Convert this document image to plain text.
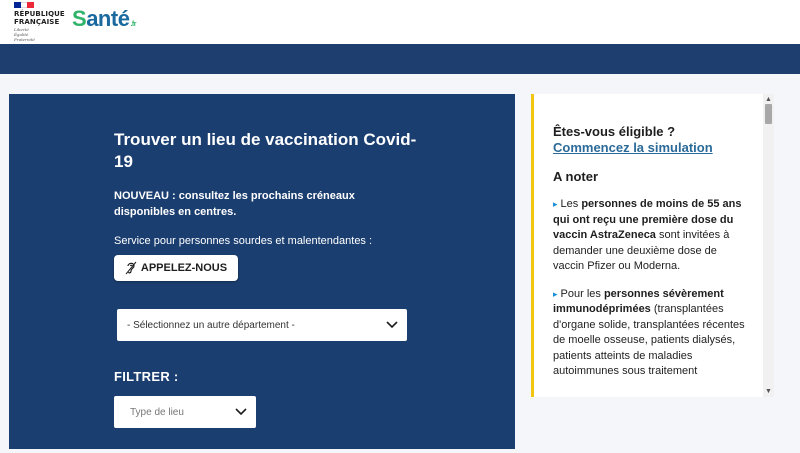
RÉPUBLIQUE
FRANÇAISE
Liberté
Égalité
Fraternité
Santé.fr
Trouver un lieu de vaccination Covid-19
NOUVEAU : consultez les prochains créneaux disponibles en centres.
Service pour personnes sourdes et malentendantes :
APPELEZ-NOUS
- Sélectionnez un autre département -
FILTRER :
Type de lieu
Êtes-vous éligible ?
Commencez la simulation
A noter
▸ Les personnes de moins de 55 ans qui ont reçu une première dose du vaccin AstraZeneca sont invitées à demander une deuxième dose de vaccin Pfizer ou Moderna.
▸ Pour les personnes sévèrement immunodéprimées (transplantées d'organe solide, transplantées récentes de moelle osseuse, patients dialysés, patients atteints de maladies autoimmunes sous traitement
▲
▼
